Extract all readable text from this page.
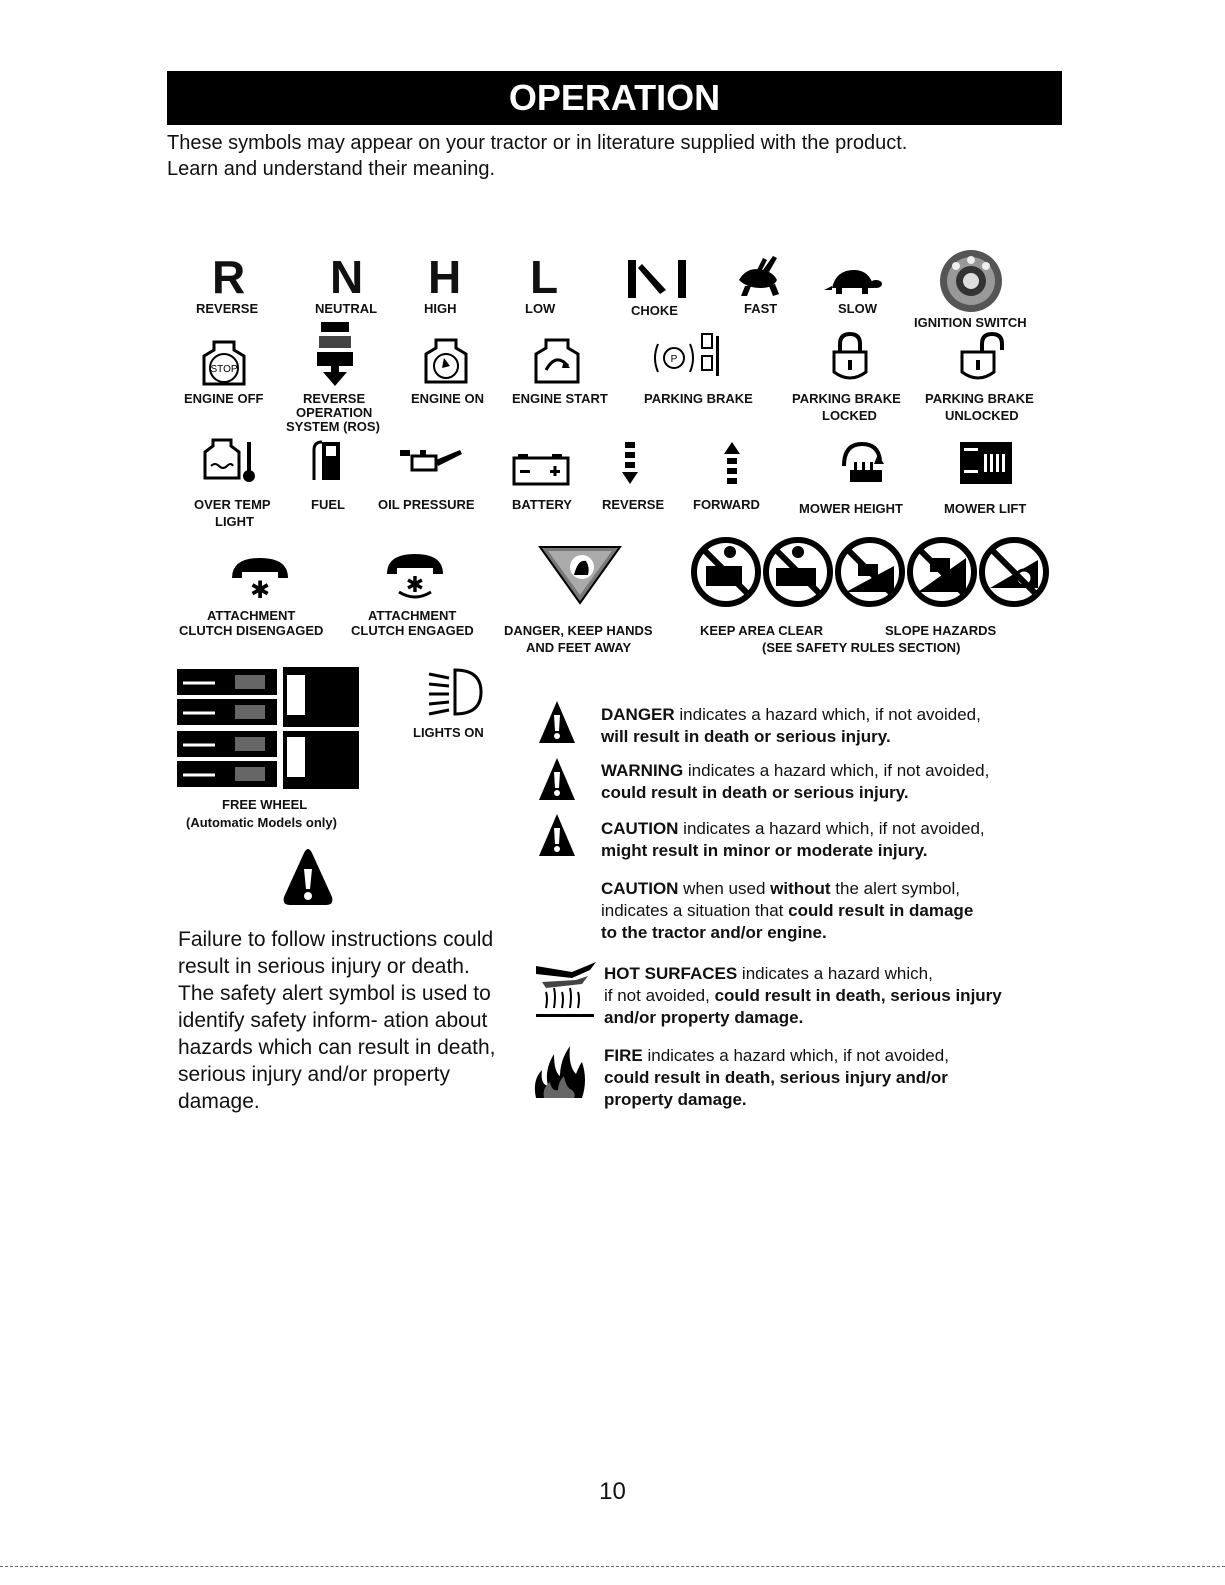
OPERATION
These symbols may appear on your tractor or in literature supplied with the product.
Learn and understand their meaning.
R
REVERSE
N
NEUTRAL
H
HIGH
L
LOW	CHOKE	FAST	SLOW
IGNITION SWITCH
STOP
ENGINE OFF	REVERSE
OPERATION
SYSTEM (ROS)
ENGINE ON ENGINE START
P
PARKING BRAKE	PARKING BRAKE
LOCKED
PARKING BRAKE
UNLOCKED
OVER TEMP
LIGHT
FUEL	OIL PRESSURE	BATTERY REVERSE FORWARD	MOWER HEIGHT	MOWER LIFT
✱
ATTACHMENT
CLUTCH DISENGAGED
✱
ATTACHMENT
CLUTCH ENGAGED DANGER, KEEP HANDS
AND FEET AWAY
KEEP AREA CLEAR	SLOPE HAZARDS
(SEE SAFETY RULES SECTION)
FREE WHEEL
(Automatic Models only)
LIGHTS ON
Failure to follow instructions could result in serious injury or death. The safety alert symbol is used to identify safety inform- ation about hazards which can result in death, serious injury and/or property damage.
DANGER indicates a hazard which, if not avoided,
will result in death or serious injury.
WARNING indicates a hazard which, if not avoided,
could result in death or serious injury.
CAUTION indicates a hazard which, if not avoided,
might result in minor or moderate injury.
CAUTION when used without the alert symbol,
indicates a situation that could result in damage
to the tractor and/or engine.
HOT SURFACES indicates a hazard which,
if not avoided, could result in death, serious injury
and/or property damage.
FIRE indicates a hazard which, if not avoided,
could result in death, serious injury and/or
property damage.
10
